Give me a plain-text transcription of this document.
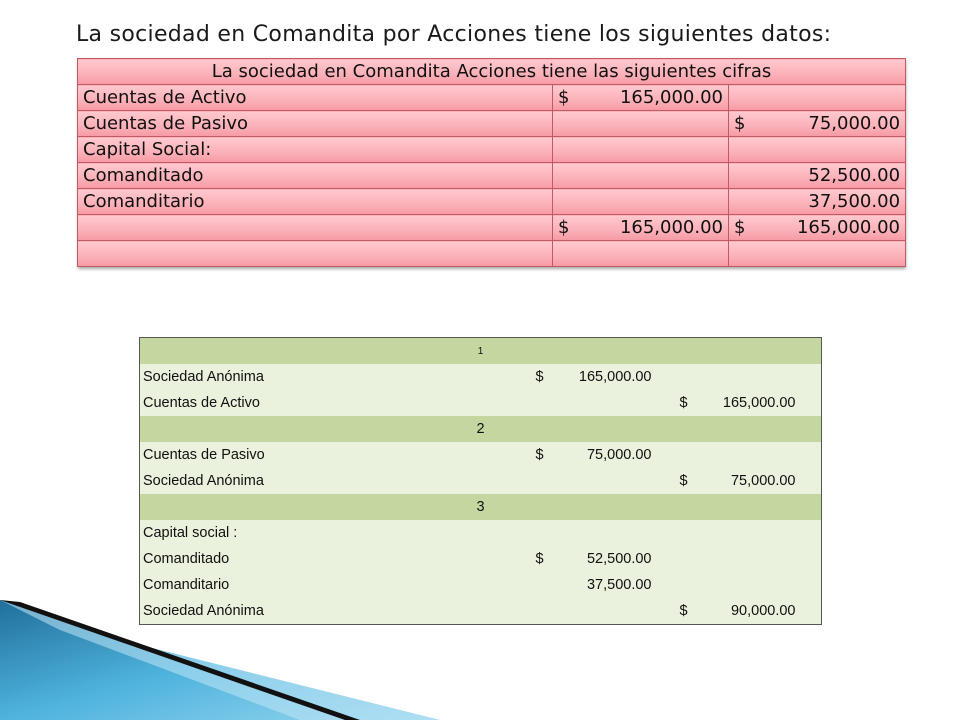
La sociedad en Comandita por Acciones tiene los siguientes datos:
La sociedad en Comandita Acciones tiene las siguientes cifras		
Cuentas de Activo	$ 165,000.00	

Cuentas de Pasivo		$ 75,000.00

Capital Social:	

Comanditado		52,500.00

Comanditario		37,500.00

	$ 165,000.00	$ 165,000.00

1		
Sociedad Anónima	$ 165,000.00	

Cuentas de Activo		$ 165,000.00

2		
Cuentas de Pasivo	$ 75,000.00	

Sociedad Anónima		$ 75,000.00

3		
Capital social :	

Comanditado	$ 52,500.00	

Comanditario	37,500.00	

Sociedad Anónima		$ 90,000.00
